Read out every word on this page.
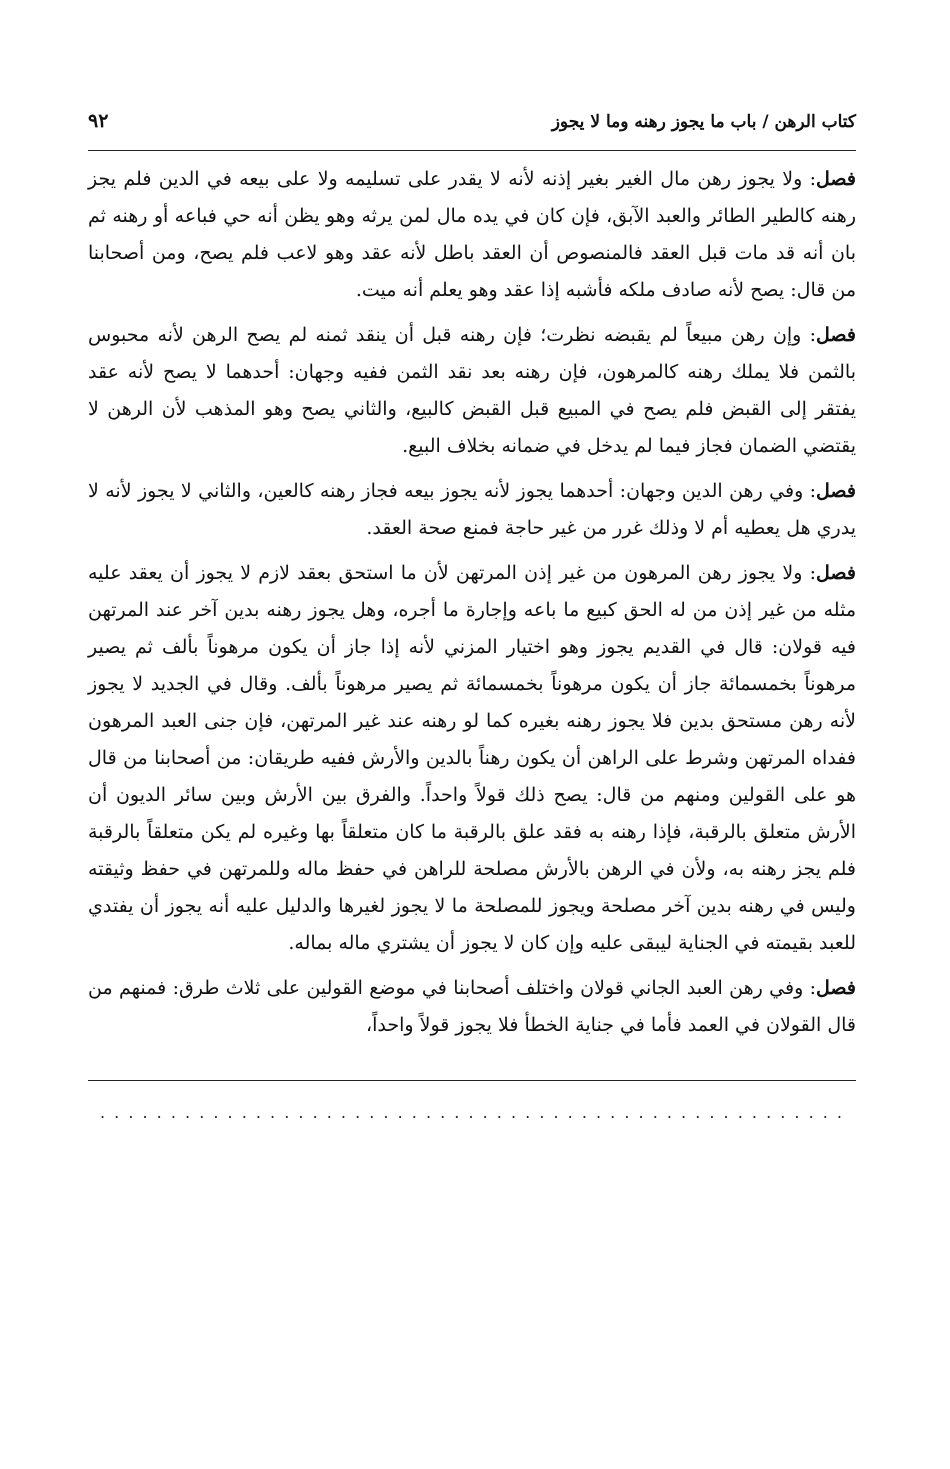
كتاب الرهن / باب ما يجوز رهنه وما لا يجوز
٩٢

فصل: ولا يجوز رهن مال الغير بغير إذنه لأنه لا يقدر على تسليمه ولا على بيعه في الدين فلم يجز رهنه كالطير الطائر والعبد الآبق، فإن كان في يده مال لمن يرثه وهو يظن أنه حي فباعه أو رهنه ثم بان أنه قد مات قبل العقد فالمنصوص أن العقد باطل لأنه عقد وهو لاعب فلم يصح، ومن أصحابنا من قال: يصح لأنه صادف ملكه فأشبه إذا عقد وهو يعلم أنه ميت.

فصل: وإن رهن مبيعاً لم يقبضه نظرت؛ فإن رهنه قبل أن ينقد ثمنه لم يصح الرهن لأنه محبوس بالثمن فلا يملك رهنه كالمرهون، فإن رهنه بعد نقد الثمن ففيه وجهان: أحدهما لا يصح لأنه عقد يفتقر إلى القبض فلم يصح في المبيع قبل القبض كالبيع، والثاني يصح وهو المذهب لأن الرهن لا يقتضي الضمان فجاز فيما لم يدخل في ضمانه بخلاف البيع.

فصل: وفي رهن الدين وجهان: أحدهما يجوز لأنه يجوز بيعه فجاز رهنه كالعين، والثاني لا يجوز لأنه لا يدري هل يعطيه أم لا وذلك غرر من غير حاجة فمنع صحة العقد.

فصل: ولا يجوز رهن المرهون من غير إذن المرتهن لأن ما استحق بعقد لازم لا يجوز أن يعقد عليه مثله من غير إذن من له الحق كبيع ما باعه وإجارة ما أجره، وهل يجوز رهنه بدين آخر عند المرتهن فيه قولان: قال في القديم يجوز وهو اختيار المزني لأنه إذا جاز أن يكون مرهوناً بألف ثم يصير مرهوناً بخمسمائة جاز أن يكون مرهوناً بخمسمائة ثم يصير مرهوناً بألف. وقال في الجديد لا يجوز لأنه رهن مستحق بدين فلا يجوز رهنه بغيره كما لو رهنه عند غير المرتهن، فإن جنى العبد المرهون ففداه المرتهن وشرط على الراهن أن يكون رهناً بالدين والأرش ففيه طريقان: من أصحابنا من قال هو على القولين ومنهم من قال: يصح ذلك قولاً واحداً. والفرق بين الأرش وبين سائر الديون أن الأرش متعلق بالرقبة، فإذا رهنه به فقد علق بالرقبة ما كان متعلقاً بها وغيره لم يكن متعلقاً بالرقبة فلم يجز رهنه به، ولأن في الرهن بالأرش مصلحة للراهن في حفظ ماله وللمرتهن في حفظ وثيقته وليس في رهنه بدين آخر مصلحة ويجوز للمصلحة ما لا يجوز لغيرها والدليل عليه أنه يجوز أن يفتدي للعبد بقيمته في الجناية ليبقى عليه وإن كان لا يجوز أن يشتري ماله بماله.

فصل: وفي رهن العبد الجاني قولان واختلف أصحابنا في موضع القولين على ثلاث طرق: فمنهم من قال القولان في العمد فأما في جناية الخطأ فلا يجوز قولاً واحداً،

. . . . . . . . . . . . . . . . . . . . . . . . . . . . . . . . . . . . . . . . . . . . . . . . . . . . .
